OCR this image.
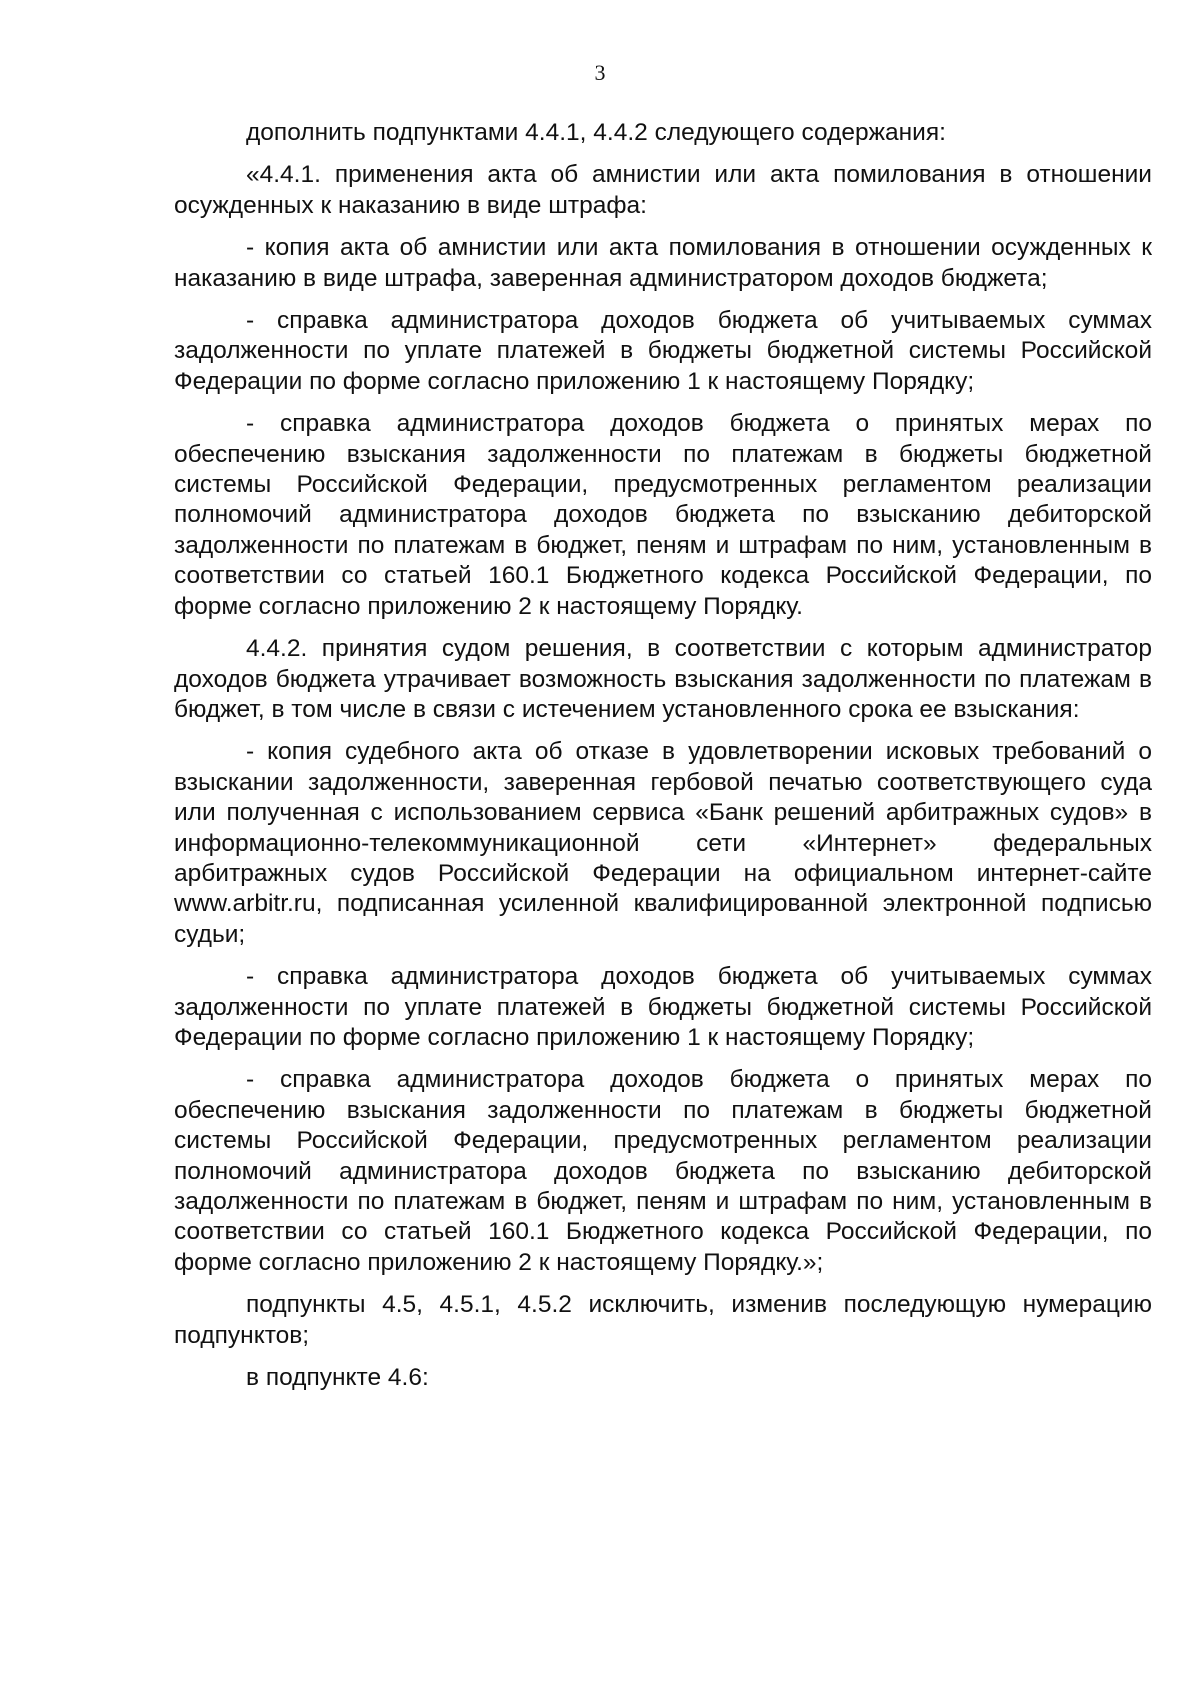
3

дополнить подпунктами 4.4.1, 4.4.2 следующего содержания:

«4.4.1. применения акта об амнистии или акта помилования в отношении осужденных к наказанию в виде штрафа:

- копия акта об амнистии или акта помилования в отношении осужденных к наказанию в виде штрафа, заверенная администратором доходов бюджета;

- справка администратора доходов бюджета об учитываемых суммах задолженности по уплате платежей в бюджеты бюджетной системы Российской Федерации по форме согласно приложению 1 к настоящему Порядку;

- справка администратора доходов бюджета о принятых мерах по обеспечению взыскания задолженности по платежам в бюджеты бюджетной системы Российской Федерации, предусмотренных регламентом реализации полномочий администратора доходов бюджета по взысканию дебиторской задолженности по платежам в бюджет, пеням и штрафам по ним, установленным в соответствии со статьей 160.1 Бюджетного кодекса Российской Федерации, по форме согласно приложению 2 к настоящему Порядку.

4.4.2. принятия судом решения, в соответствии с которым администратор доходов бюджета утрачивает возможность взыскания задолженности по платежам в бюджет, в том числе в связи с истечением установленного срока ее взыскания:

- копия судебного акта об отказе в удовлетворении исковых требований о взыскании задолженности, заверенная гербовой печатью соответствующего суда или полученная с использованием сервиса «Банк решений арбитражных судов» в информационно-телекоммуникационной сети «Интернет» федеральных арбитражных судов Российской Федерации на официальном интернет-сайте www.arbitr.ru, подписанная усиленной квалифицированной электронной подписью судьи;

- справка администратора доходов бюджета об учитываемых суммах задолженности по уплате платежей в бюджеты бюджетной системы Российской Федерации по форме согласно приложению 1 к настоящему Порядку;

- справка администратора доходов бюджета о принятых мерах по обеспечению взыскания задолженности по платежам в бюджеты бюджетной системы Российской Федерации, предусмотренных регламентом реализации полномочий администратора доходов бюджета по взысканию дебиторской задолженности по платежам в бюджет, пеням и штрафам по ним, установленным в соответствии со статьей 160.1 Бюджетного кодекса Российской Федерации, по форме согласно приложению 2 к настоящему Порядку.»;

подпункты 4.5, 4.5.1, 4.5.2 исключить, изменив последующую нумерацию подпунктов;

в подпункте 4.6:
